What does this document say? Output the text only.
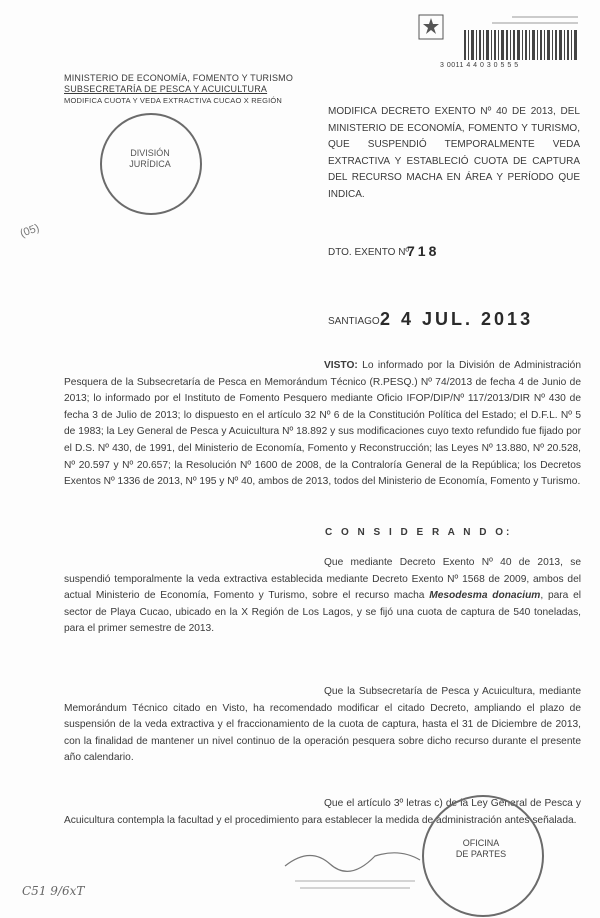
3 0011 4 4 0 3 0 5 5 5
MINISTERIO DE ECONOMÍA, FOMENTO Y TURISMO
SUBSECRETARÍA DE PESCA Y ACUICULTURA
MODIFICA CUOTA Y VEDA EXTRACTIVA CUCAO X REGIÓN
DIVISIÓN
JURÍDICA
(05)
MODIFICA DECRETO EXENTO Nº 40 DE 2013, DEL MINISTERIO DE ECONOMÍA, FOMENTO Y TURISMO, QUE SUSPENDIÓ TEMPORALMENTE VEDA EXTRACTIVA Y ESTABLECIÓ CUOTA DE CAPTURA DEL RECURSO MACHA EN ÁREA Y PERÍODO QUE INDICA.
DTO. EXENTO Nº
718
SANTIAGO,
2 4 JUL. 2013
VISTO: Lo informado por la División de Administración Pesquera de la Subsecretaría de Pesca en Memorándum Técnico (R.PESQ.) Nº 74/2013 de fecha 4 de Junio de 2013; lo informado por el Instituto de Fomento Pesquero mediante Oficio IFOP/DIP/Nº 117/2013/DIR Nº 430 de fecha 3 de Julio de 2013; lo dispuesto en el artículo 32 Nº 6 de la Constitución Política del Estado; el D.F.L. Nº 5 de 1983; la Ley General de Pesca y Acuicultura Nº 18.892 y sus modificaciones cuyo texto refundido fue fijado por el D.S. Nº 430, de 1991, del Ministerio de Economía, Fomento y Reconstrucción; las Leyes Nº 13.880, Nº 20.528, Nº 20.597 y Nº 20.657; la Resolución Nº 1600 de 2008, de la Contraloría General de la República; los Decretos Exentos Nº 1336 de 2013, Nº 195 y Nº 40, ambos de 2013, todos del Ministerio de Economía, Fomento y Turismo.
C O N S I D E R A N D O:
Que mediante Decreto Exento Nº 40 de 2013, se suspendió temporalmente la veda extractiva establecida mediante Decreto Exento Nº 1568 de 2009, ambos del actual Ministerio de Economía, Fomento y Turismo, sobre el recurso macha Mesodesma donacium, para el sector de Playa Cucao, ubicado en la X Región de Los Lagos, y se fijó una cuota de captura de 540 toneladas, para el primer semestre de 2013.
Que la Subsecretaría de Pesca y Acuicultura, mediante Memorándum Técnico citado en Visto, ha recomendado modificar el citado Decreto, ampliando el plazo de suspensión de la veda extractiva y el fraccionamiento de la cuota de captura, hasta el 31 de Diciembre de 2013, con la finalidad de mantener un nivel continuo de la operación pesquera sobre dicho recurso durante el presente año calendario.
Que el artículo 3º letras c) de la Ley General de Pesca y Acuicultura contempla la facultad y el procedimiento para establecer la medida de administración antes señalada.
OFICINA
DE PARTES
C51 9/6xT
